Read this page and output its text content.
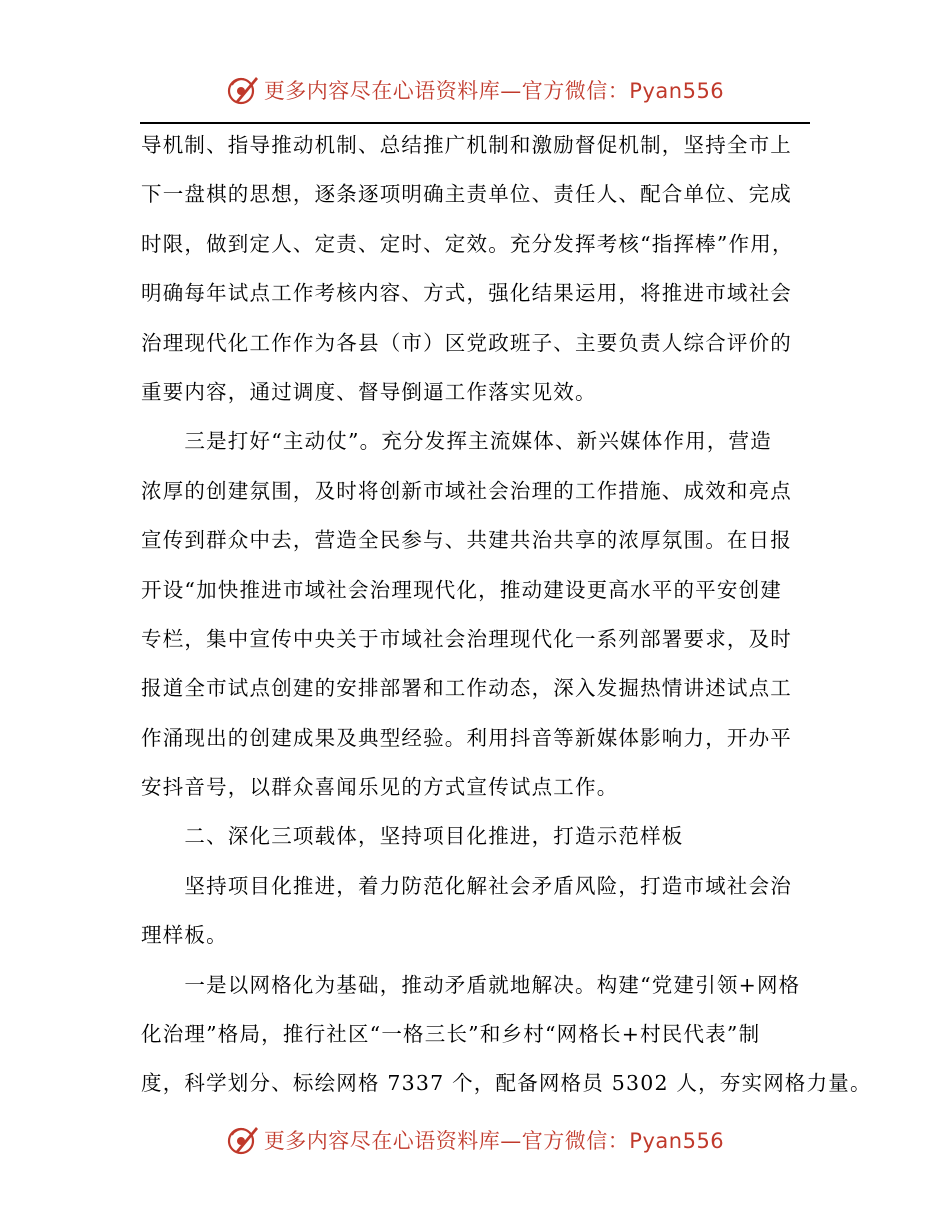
更多内容尽在心语资料库—官方微信：Pyan556
导机制、指导推动机制、总结推广机制和激励督促机制，坚持全市上
下一盘棋的思想，逐条逐项明确主责单位、责任人、配合单位、完成
时限，做到定人、定责、定时、定效。充分发挥考核“指挥棒”作用，
明确每年试点工作考核内容、方式，强化结果运用，将推进市域社会
治理现代化工作作为各县（市）区党政班子、主要负责人综合评价的
重要内容，通过调度、督导倒逼工作落实见效。
　　三是打好“主动仗”。充分发挥主流媒体、新兴媒体作用，营造
浓厚的创建氛围，及时将创新市域社会治理的工作措施、成效和亮点
宣传到群众中去，营造全民参与、共建共治共享的浓厚氛围。在日报
开设“加快推进市域社会治理现代化，推动建设更高水平的平安创建
专栏，集中宣传中央关于市域社会治理现代化一系列部署要求，及时
报道全市试点创建的安排部署和工作动态，深入发掘热情讲述试点工
作涌现出的创建成果及典型经验。利用抖音等新媒体影响力，开办平
安抖音号，以群众喜闻乐见的方式宣传试点工作。
　　二、深化三项载体，坚持项目化推进，打造示范样板
　　坚持项目化推进，着力防范化解社会矛盾风险，打造市域社会治
理样板。
　　一是以网格化为基础，推动矛盾就地解决。构建“党建引领+网格
化治理”格局，推行社区“一格三长”和乡村“网格长+村民代表”制
度，科学划分、标绘网格 7337 个，配备网格员 5302 人，夯实网格力量。
更多内容尽在心语资料库—官方微信：Pyan556
